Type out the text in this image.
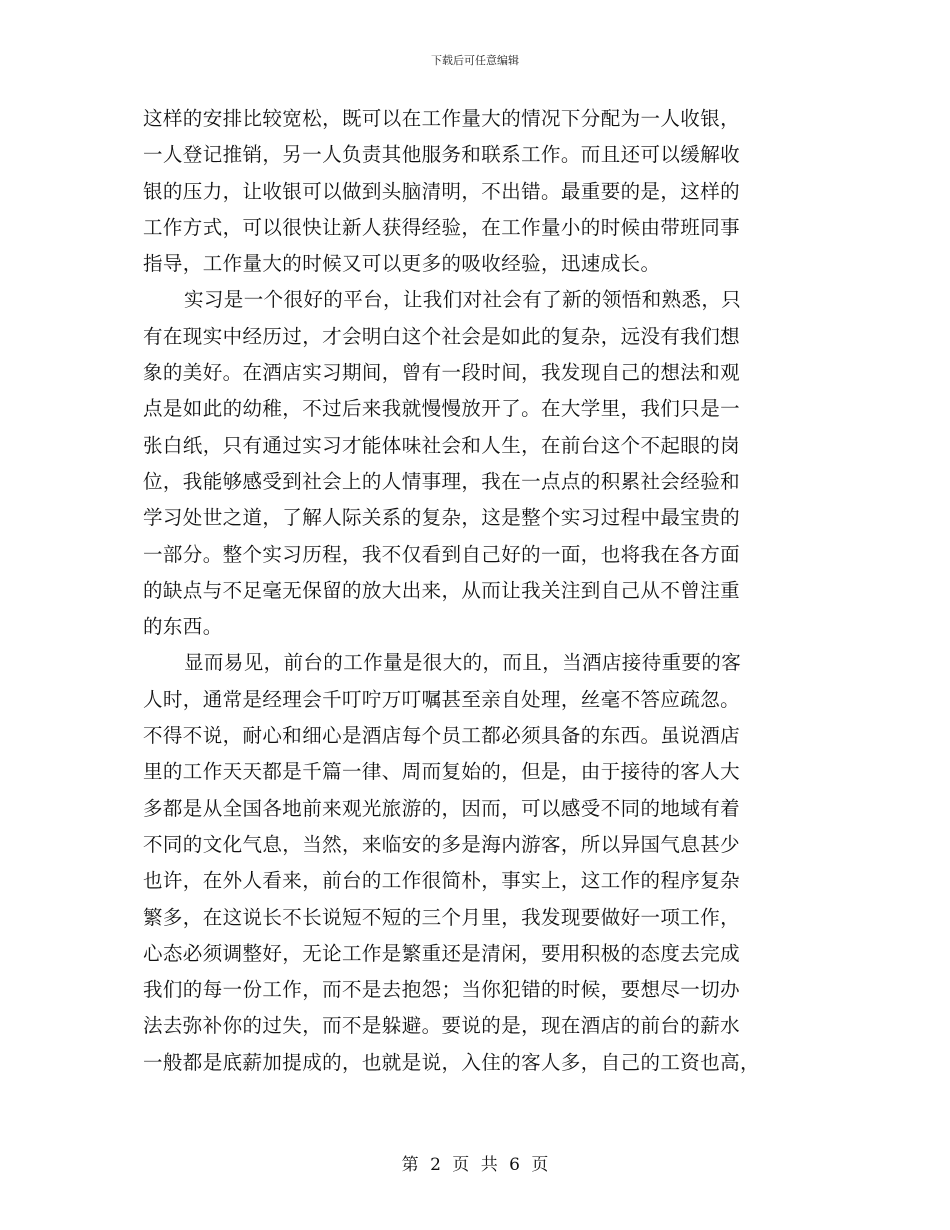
下载后可任意编辑

这样的安排比较宽松，既可以在工作量大的情况下分配为一人收银，
一人登记推销，另一人负责其他服务和联系工作。而且还可以缓解收
银的压力，让收银可以做到头脑清明，不出错。最重要的是，这样的
工作方式，可以很快让新人获得经验，在工作量小的时候由带班同事
指导，工作量大的时候又可以更多的吸收经验，迅速成长。

实习是一个很好的平台，让我们对社会有了新的领悟和熟悉，只
有在现实中经历过，才会明白这个社会是如此的复杂，远没有我们想
象的美好。在酒店实习期间，曾有一段时间，我发现自己的想法和观
点是如此的幼稚，不过后来我就慢慢放开了。在大学里，我们只是一
张白纸，只有通过实习才能体味社会和人生，在前台这个不起眼的岗
位，我能够感受到社会上的人情事理，我在一点点的积累社会经验和
学习处世之道，了解人际关系的复杂，这是整个实习过程中最宝贵的
一部分。整个实习历程，我不仅看到自己好的一面，也将我在各方面
的缺点与不足毫无保留的放大出来，从而让我关注到自己从不曾注重
的东西。

显而易见，前台的工作量是很大的，而且，当酒店接待重要的客
人时，通常是经理会千叮咛万叮嘱甚至亲自处理，丝毫不答应疏忽。
不得不说，耐心和细心是酒店每个员工都必须具备的东西。虽说酒店
里的工作天天都是千篇一律、周而复始的，但是，由于接待的客人大
多都是从全国各地前来观光旅游的，因而，可以感受不同的地域有着
不同的文化气息，当然，来临安的多是海内游客，所以异国气息甚少
也许，在外人看来，前台的工作很简朴，事实上，这工作的程序复杂
繁多，在这说长不长说短不短的三个月里，我发现要做好一项工作，
心态必须调整好，无论工作是繁重还是清闲，要用积极的态度去完成
我们的每一份工作，而不是去抱怨；当你犯错的时候，要想尽一切办
法去弥补你的过失，而不是躲避。要说的是，现在酒店的前台的薪水
一般都是底薪加提成的，也就是说，入住的客人多，自己的工资也高，

第 2 页 共 6 页
